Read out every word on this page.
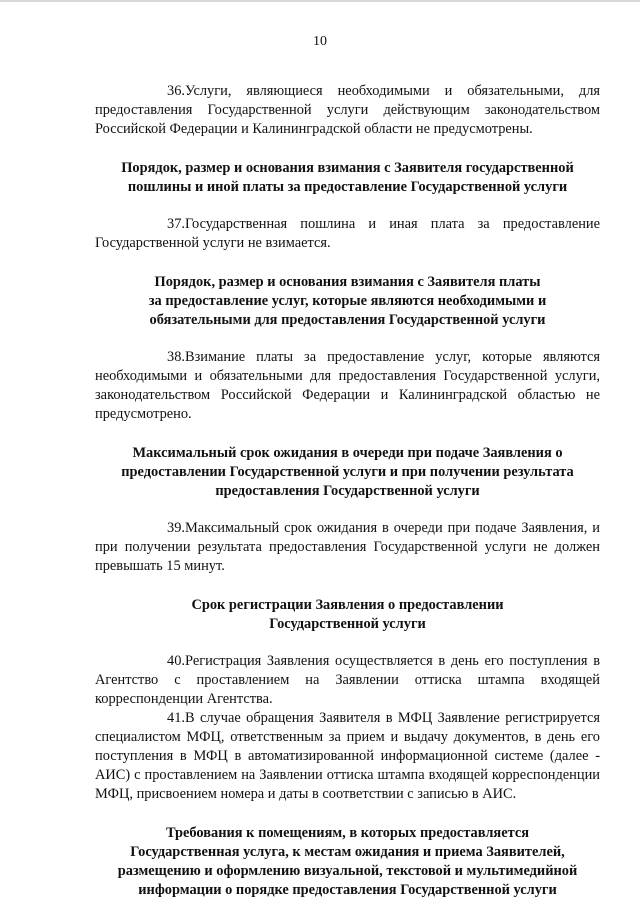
10

36.Услуги, являющиеся необходимыми и обязательными, для предоставления Государственной услуги действующим законодательством Российской Федерации и Калининградской области не предусмотрены.

Порядок, размер и основания взимания с Заявителя государственной
пошлины и иной платы за предоставление Государственной услуги

37.Государственная пошлина и иная плата за предоставление Государственной услуги не взимается.

Порядок, размер и основания взимания с Заявителя платы
за предоставление услуг, которые являются необходимыми и
обязательными для предоставления Государственной услуги

38.Взимание платы за предоставление услуг, которые являются необходимыми и обязательными для предоставления Государственной услуги, законодательством Российской Федерации и Калининградской областью не предусмотрено.

Максимальный срок ожидания в очереди при подаче Заявления о
предоставлении Государственной услуги и при получении результата
предоставления Государственной услуги

39.Максимальный срок ожидания в очереди при подаче Заявления, и при получении результата предоставления Государственной услуги не должен превышать 15 минут.

Срок регистрации Заявления о предоставлении
Государственной услуги

40.Регистрация Заявления осуществляется в день его поступления в Агентство с проставлением на Заявлении оттиска штампа входящей корреспонденции Агентства.

41.В случае обращения Заявителя в МФЦ Заявление регистрируется специалистом МФЦ, ответственным за прием и выдачу документов, в день его поступления в МФЦ в автоматизированной информационной системе (далее - АИС) с проставлением на Заявлении оттиска штампа входящей корреспонденции МФЦ, присвоением номера и даты в соответствии с записью в АИС.

Требования к помещениям, в которых предоставляется
Государственная услуга, к местам ожидания и приема Заявителей,
размещению и оформлению визуальной, текстовой и мультимедийной
информации о порядке предоставления Государственной услуги
